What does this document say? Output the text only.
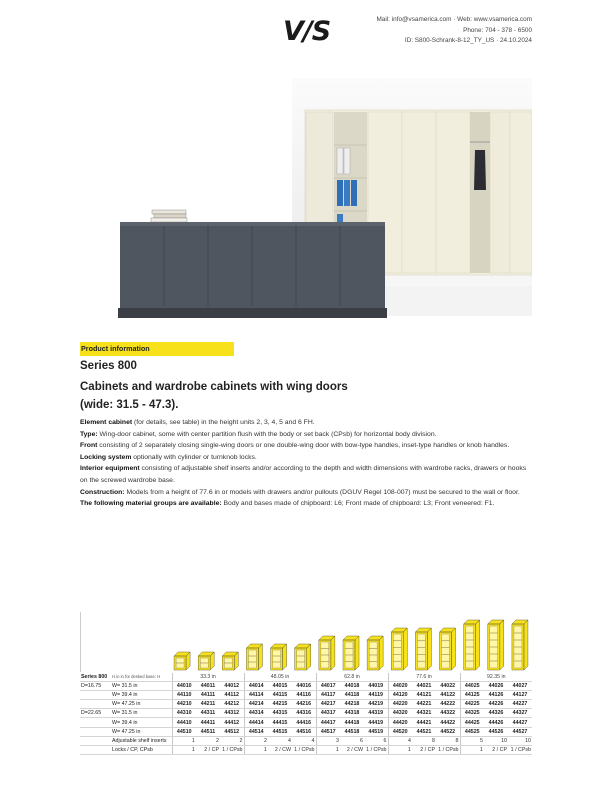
V/S	Mail: info@vsamerica.com · Web: www.vsamerica.com
Phone: 704 - 378 - 6500
ID: S800-Schrank-8-12_TY_US · 24.10.2024
Product information
Series 800
Cabinets and wardrobe cabinets with wing doors
(wide: 31.5 - 47.3).

Element cabinet (for details, see table) in the height units 2, 3, 4, 5 and 6 FH.

Type: Wing-door cabinet, some with center partition flush with the body or set back (CPsb) for horizontal body division.

Front consisting of 2 separately closing single-wing doors or one double-wing door with bow-type handles, inset-type handles or knob handles.

Locking system optionally with cylinder or turnknob locks.

Interior equipment consisting of adjustable shelf inserts and/or according to the depth and width dimensions with wardrobe racks, drawers or hooks on the screwed wardrobe base.

Construction: Models from a height of 77.6 in or models with drawers and/or pullouts (DGUV Regel 108-007) must be secured to the wall or floor.

The following material groups are available: Body and bases made of chipboard: L6; Front made of chipboard: L3; Front veneered: F1.

Series 800	H in in for desked base: H	33.3 in			48.05 in			62.8 in			77.6 in			92.35 in		
D=16.75	W= 31.5 in	44010	44011	44012	44014	44015	44016	44017	44018	44019	44020	44021	44022	44025	44026	44027
	W= 39.4 in	44110	44111	44112	44114	44115	44116	44117	44118	44119	44120	44121	44122	44125	44126	44127
	W= 47.25 in	44210	44211	44212	44214	44215	44216	44217	44218	44219	44220	44221	44222	44225	44226	44227
D=22.65	W= 31.5 in	44310	44311	44312	44314	44315	44316	44317	44318	44319	44320	44321	44322	44325	44326	44327
	W= 39.4 in	44410	44411	44412	44414	44415	44416	44417	44418	44419	44420	44421	44422	44425	44426	44427
	W= 47.25 in	44510	44511	44512	44514	44515	44516	44517	44518	44519	44520	44521	44522	44525	44526	44527
	Adjustable shelf inserts	1	2	2	2	4	4	3	6	6	4	8	8	5	10	10
	Locks / CP, CPsb	1	2 / CP	1 / CPsb	1	2 / CW	1 / CPsb	1	2 / CW	1 / CPsb	1	2 / CP	1 / CPsb	1	2 / CP	1 / CPsb
